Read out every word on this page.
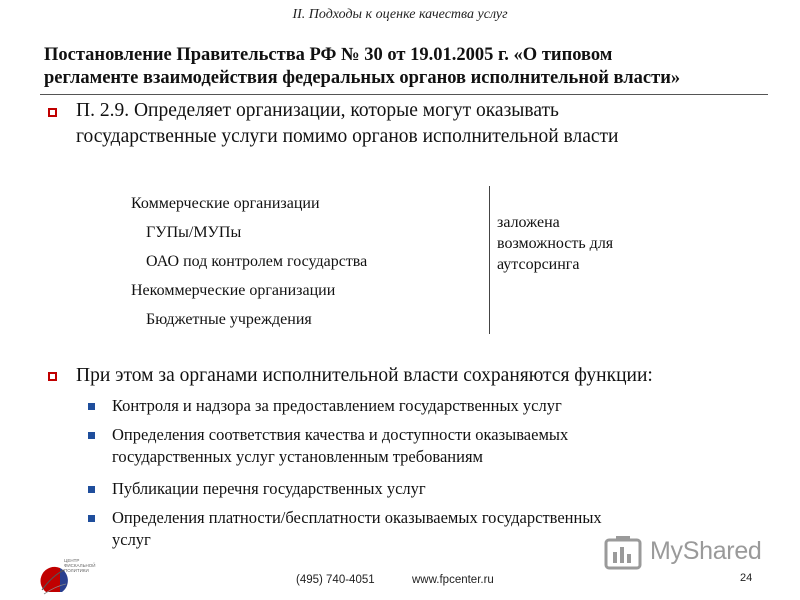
II. Подходы к оценке качества услуг
Постановление Правительства РФ № 30 от 19.01.2005 г. «О типовом
регламенте взаимодействия федеральных органов исполнительной власти»
П. 2.9. Определяет организации, которые могут оказывать
государственные услуги помимо органов исполнительной власти
Коммерческие организации
ГУПы/МУПы
ОАО под контролем государства
Некоммерческие организации
Бюджетные учреждения
заложена
возможность для
аутсорсинга
При этом за органами исполнительной власти сохраняются функции:
Контроля и надзора за предоставлением государственных услуг
Определения соответствия качества и доступности оказываемых
государственных услуг установленным требованиям
Публикации перечня государственных услуг
Определения платности/бесплатности оказываемых государственных
услуг
ЦЕНТР
ФИСКАЛЬНОЙ
ПОЛИТИКИ
(495) 740-4051	www.fpcenter.ru	24
MyShared
